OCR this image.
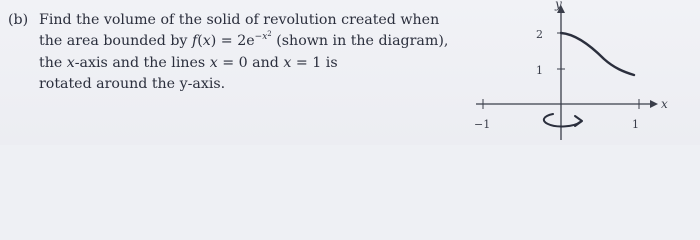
(b) Find the volume of the solid of revolution created when
the area bounded by $f(x) = 2e^{-x^2}$ (shown in the diagram),
the x-axis and the lines x = 0 and x = 1 is
rotated around the y-axis.
y
x
2
1
−1	1
